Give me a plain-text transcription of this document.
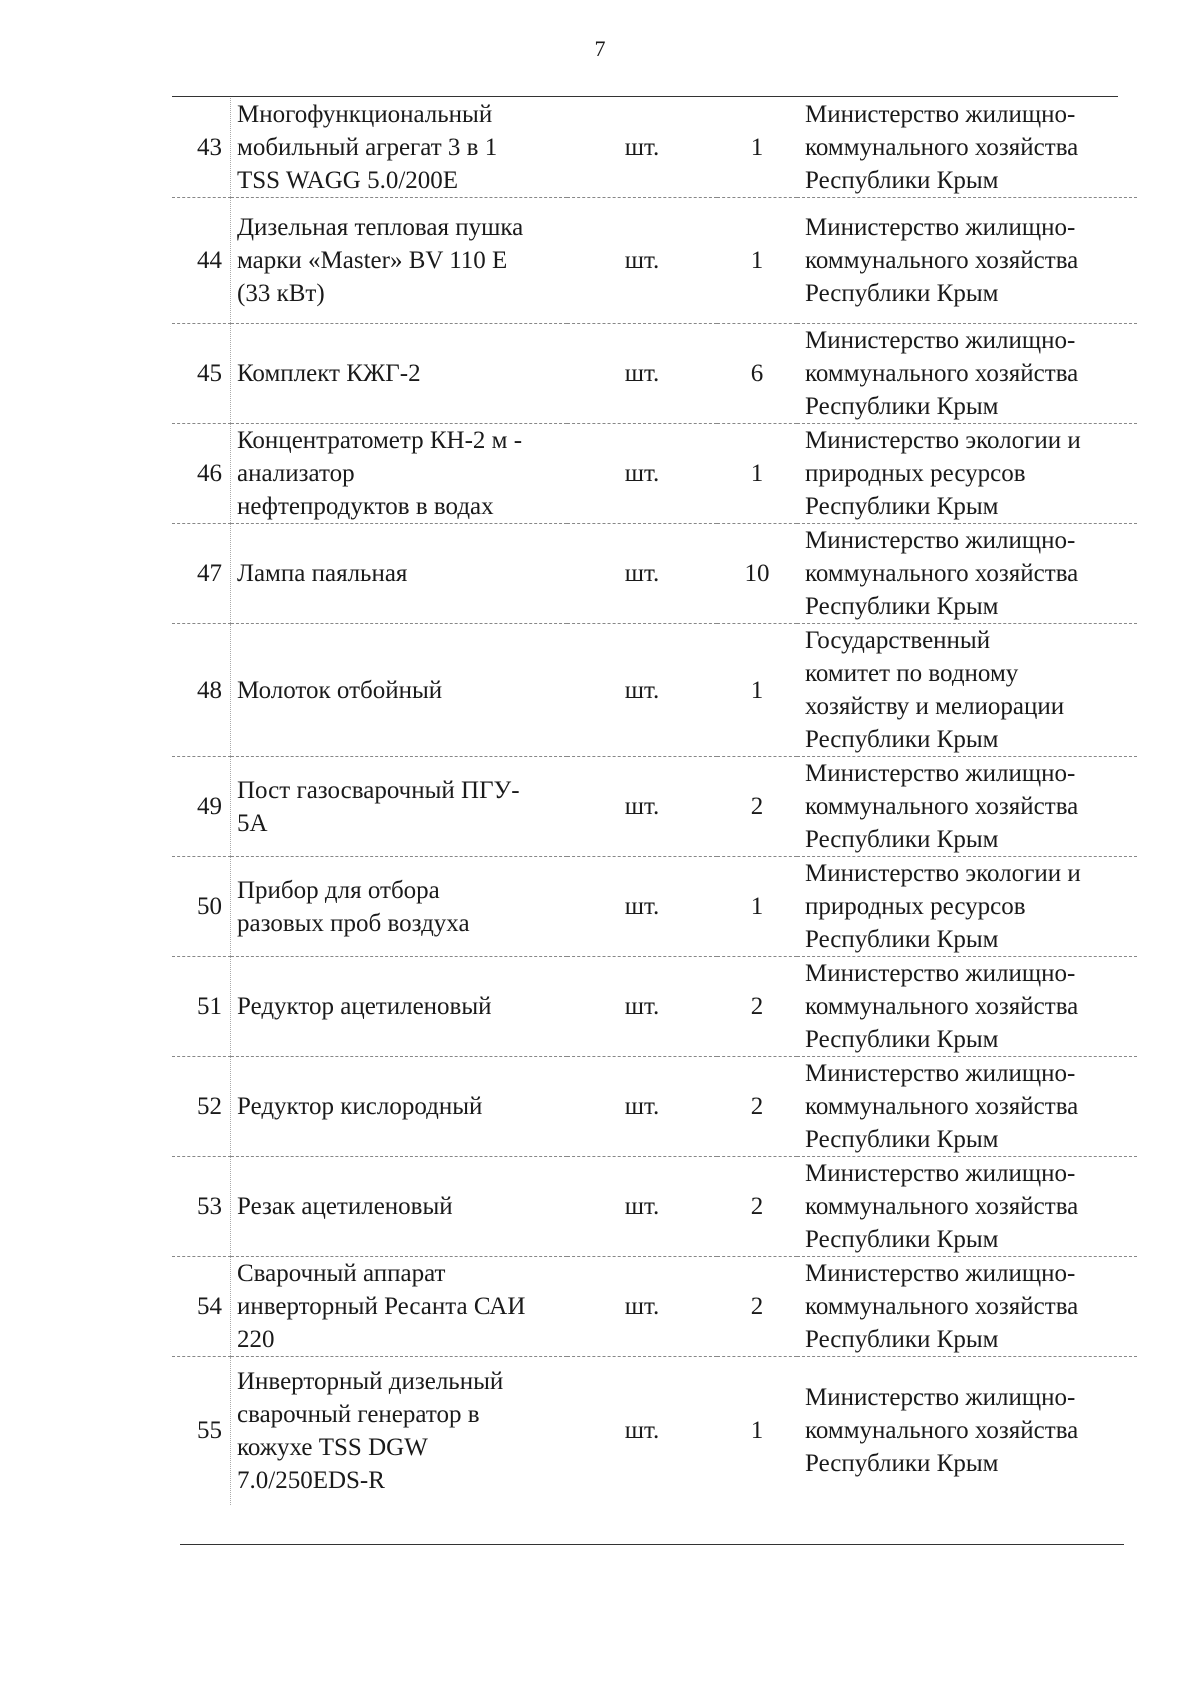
7
43	Многофункциональный
мобильный агрегат 3 в 1
TSS WAGG 5.0/200E	шт.	1	Министерство жилищно-
коммунального хозяйства
Республики Крым

44	Дизельная тепловая пушка
марки «Master» BV 110 E
(33 кВт)	шт.	1	Министерство жилищно-
коммунального хозяйства
Республики Крым

45	Комплект КЖГ-2	шт.	6	Министерство жилищно-
коммунального хозяйства
Республики Крым

46	Концентратометр КН-2 м -
анализатор
нефтепродуктов в водах	шт.	1	Министерство экологии и
природных ресурсов
Республики Крым

47	Лампа паяльная	шт.	10	Министерство жилищно-
коммунального хозяйства
Республики Крым

48	Молоток отбойный	шт.	1	Государственный
комитет по водному
хозяйству и мелиорации
Республики Крым

49	Пост газосварочный ПГУ-
5А	шт.	2	Министерство жилищно-
коммунального хозяйства
Республики Крым

50	Прибор для отбора
разовых проб воздуха	шт.	1	Министерство экологии и
природных ресурсов
Республики Крым

51	Редуктор ацетиленовый	шт.	2	Министерство жилищно-
коммунального хозяйства
Республики Крым

52	Редуктор кислородный	шт.	2	Министерство жилищно-
коммунального хозяйства
Республики Крым

53	Резак ацетиленовый	шт.	2	Министерство жилищно-
коммунального хозяйства
Республики Крым

54	Сварочный аппарат
инверторный Ресанта САИ
220	шт.	2	Министерство жилищно-
коммунального хозяйства
Республики Крым

55	Инверторный дизельный
сварочный генератор в
кожухе TSS DGW
7.0/250EDS-R	шт.	1	Министерство жилищно-
коммунального хозяйства
Республики Крым
